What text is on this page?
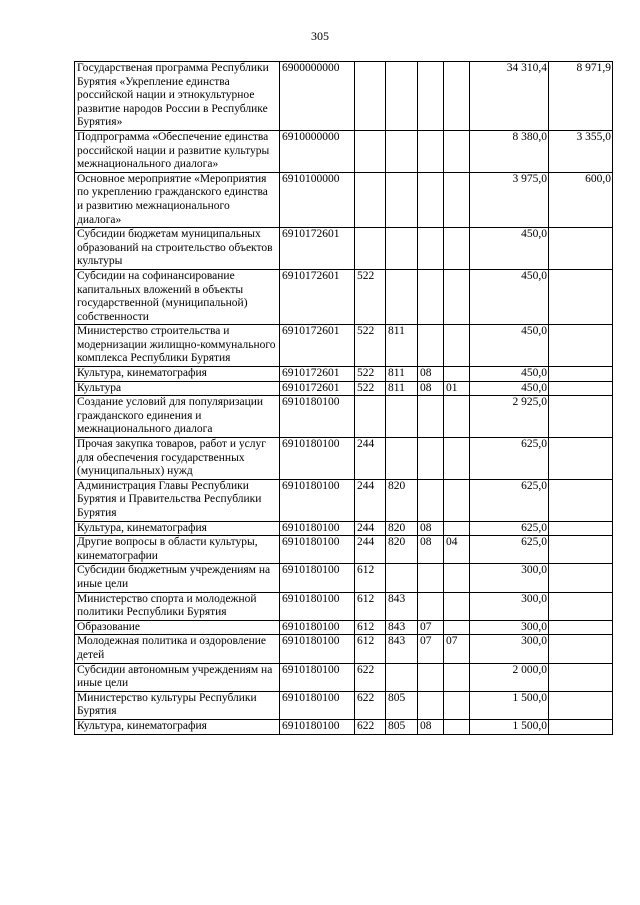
305
Государственая программа Республики Бурятия «Укрепление единства российской нации и этнокультурное развитие народов России в Республике Бурятия»	6900000000					34 310,4	8 971,9
Подпрограмма «Обеспечение единства российской нации и развитие культуры межнационального диалога»	6910000000					8 380,0	3 355,0
Основное мероприятие «Мероприятия по укреплению гражданского единства и развитию межнационального диалога»	6910100000					3 975,0	600,0
Субсидии бюджетам муниципальных образований на строительство объектов культуры	6910172601					450,0	
Субсидии на софинансирование капитальных вложений в объекты государственной (муниципальной) собственности	6910172601	522				450,0	
Министерство строительства и модернизации жилищно-коммунального комплекса Республики Бурятия	6910172601	522	811			450,0	
Культура, кинематография	6910172601	522	811	08		450,0	
Культура	6910172601	522	811	08	01	450,0	
Создание условий для популяризации гражданского единения и межнационального диалога	6910180100					2 925,0	
Прочая закупка товаров, работ и услуг для обеспечения государственных (муниципальных) нужд	6910180100	244				625,0	
Администрация Главы Республики Бурятия и Правительства Республики Бурятия	6910180100	244	820			625,0	
Культура, кинематография	6910180100	244	820	08		625,0	
Другие вопросы в области культуры, кинематографии	6910180100	244	820	08	04	625,0	
Субсидии бюджетным учреждениям на иные цели	6910180100	612				300,0	
Министерство спорта и молодежной политики Республики Бурятия	6910180100	612	843			300,0	
Образование	6910180100	612	843	07		300,0	
Молодежная политика и оздоровление детей	6910180100	612	843	07	07	300,0	
Субсидии автономным учреждениям на иные цели	6910180100	622				2 000,0	
Министерство культуры Республики Бурятия	6910180100	622	805			1 500,0	
Культура, кинематография	6910180100	622	805	08		1 500,0	
